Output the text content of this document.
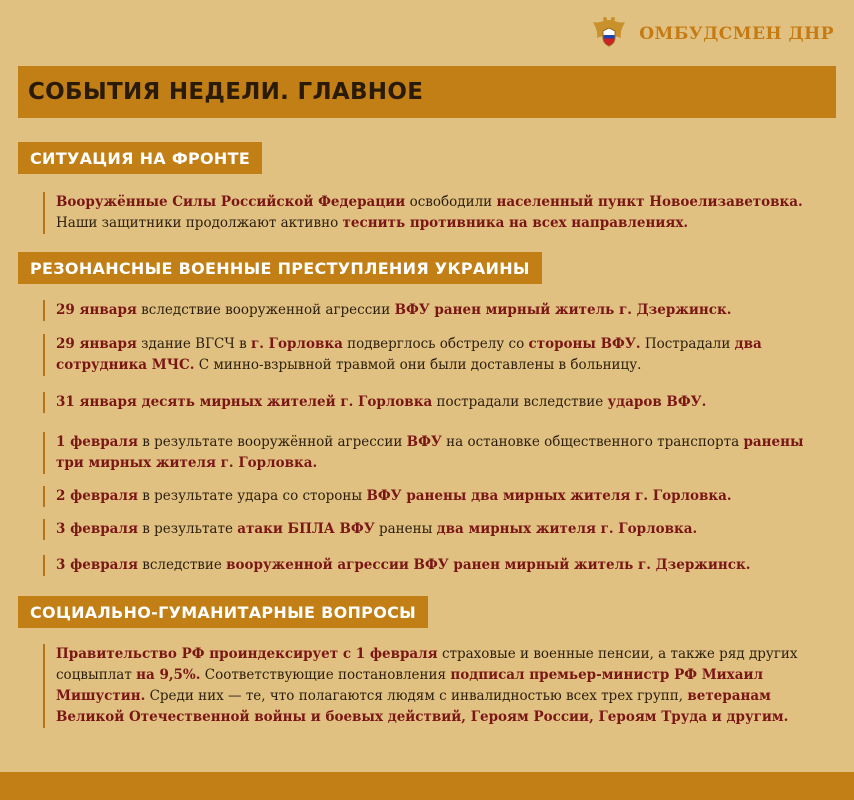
ОМБУДСМЕН ДНР
СОБЫТИЯ НЕДЕЛИ. ГЛАВНОЕ
СИТУАЦИЯ НА ФРОНТЕ
Вооружённые Силы Российской Федерации освободили населенный пункт Новоелизаветовка. Наши защитники продолжают активно теснить противника на всех направлениях.
РЕЗОНАНСНЫЕ ВОЕННЫЕ ПРЕСТУПЛЕНИЯ УКРАИНЫ
29 января вследствие вооруженной агрессии ВФУ ранен мирный житель г. Дзержинск.
29 января здание ВГСЧ в г. Горловка подверглось обстрелу со стороны ВФУ. Пострадали два сотрудника МЧС. С минно-взрывной травмой они были доставлены в больницу.
31 января десять мирных жителей г. Горловка пострадали вследствие ударов ВФУ.
1 февраля в результате вооружённой агрессии ВФУ на остановке общественного транспорта ранены три мирных жителя г. Горловка.
2 февраля в результате удара со стороны ВФУ ранены два мирных жителя г. Горловка.
3 февраля в результате атаки БПЛА ВФУ ранены два мирных жителя г. Горловка.
3 февраля вследствие вооруженной агрессии ВФУ ранен мирный житель г. Дзержинск.
СОЦИАЛЬНО-ГУМАНИТАРНЫЕ ВОПРОСЫ
Правительство РФ проиндексирует с 1 февраля страховые и военные пенсии, а также ряд других соцвыплат на 9,5%. Соответствующие постановления подписал премьер-министр РФ Михаил Мишустин. Среди них — те, что полагаются людям с инвалидностью всех трех групп, ветеранам Великой Отечественной войны и боевых действий, Героям России, Героям Труда и другим.
